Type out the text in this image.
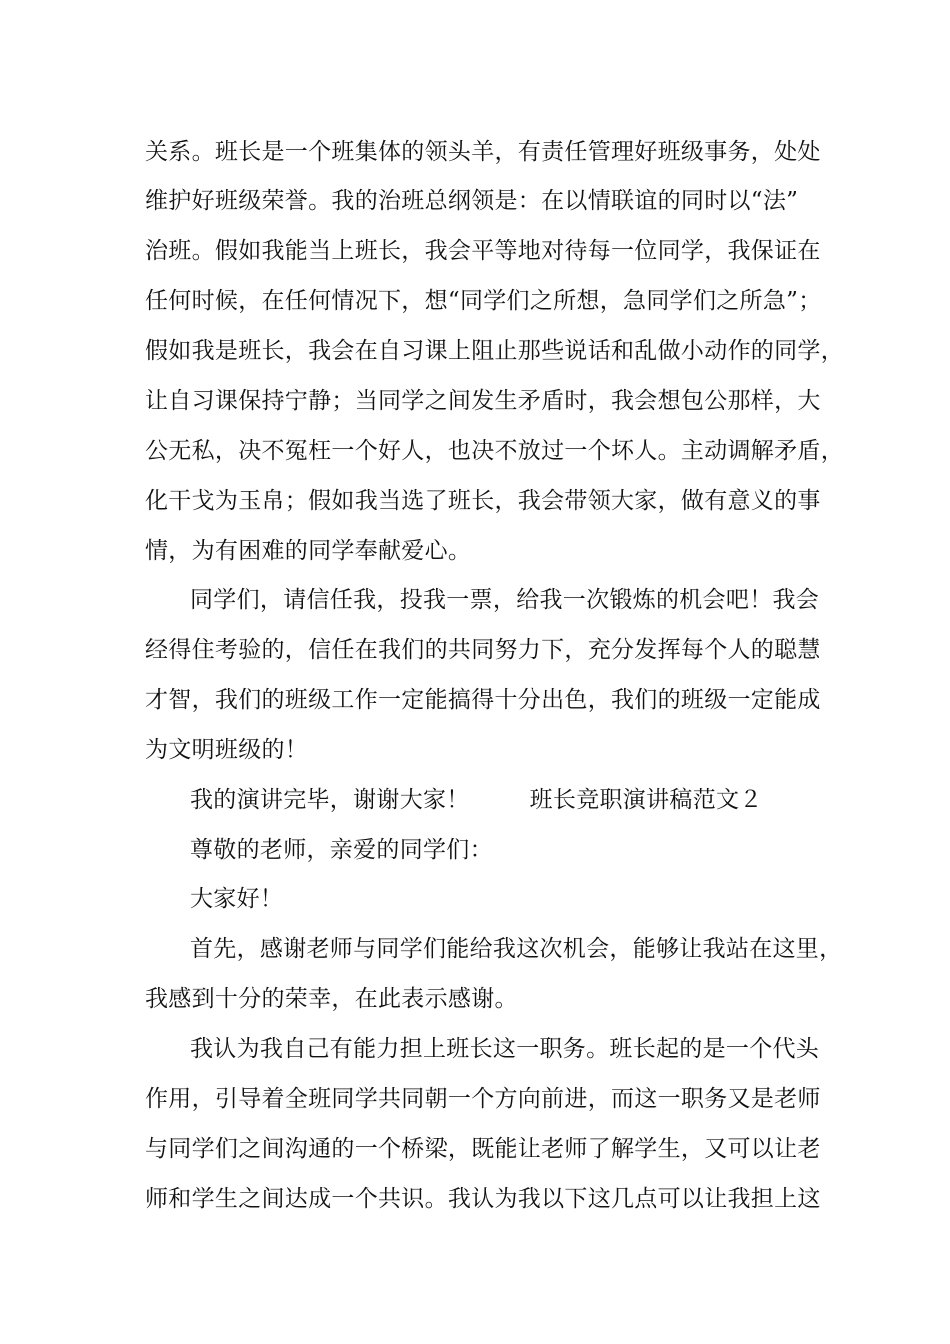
关系。班长是一个班集体的领头羊，有责任管理好班级事务，处处
维护好班级荣誉。我的治班总纲领是：在以情联谊的同时以“法”
治班。假如我能当上班长，我会平等地对待每一位同学，我保证在
任何时候，在任何情况下，想“同学们之所想，急同学们之所急”；
假如我是班长，我会在自习课上阻止那些说话和乱做小动作的同学，
让自习课保持宁静；当同学之间发生矛盾时，我会想包公那样，大
公无私，决不冤枉一个好人，也决不放过一个坏人。主动调解矛盾，
化干戈为玉帛；假如我当选了班长，我会带领大家，做有意义的事
情，为有困难的同学奉献爱心。
同学们，请信任我，投我一票，给我一次锻炼的机会吧！我会
经得住考验的，信任在我们的共同努力下，充分发挥每个人的聪慧
才智，我们的班级工作一定能搞得十分出色，我们的班级一定能成
为文明班级的！
我的演讲完毕，谢谢大家！	班长竞职演讲稿范文２
尊敬的老师，亲爱的同学们：
大家好！
首先，感谢老师与同学们能给我这次机会，能够让我站在这里，
我感到十分的荣幸，在此表示感谢。
我认为我自己有能力担上班长这一职务。班长起的是一个代头
作用，引导着全班同学共同朝一个方向前进，而这一职务又是老师
与同学们之间沟通的一个桥梁，既能让老师了解学生，又可以让老
师和学生之间达成一个共识。我认为我以下这几点可以让我担上这
